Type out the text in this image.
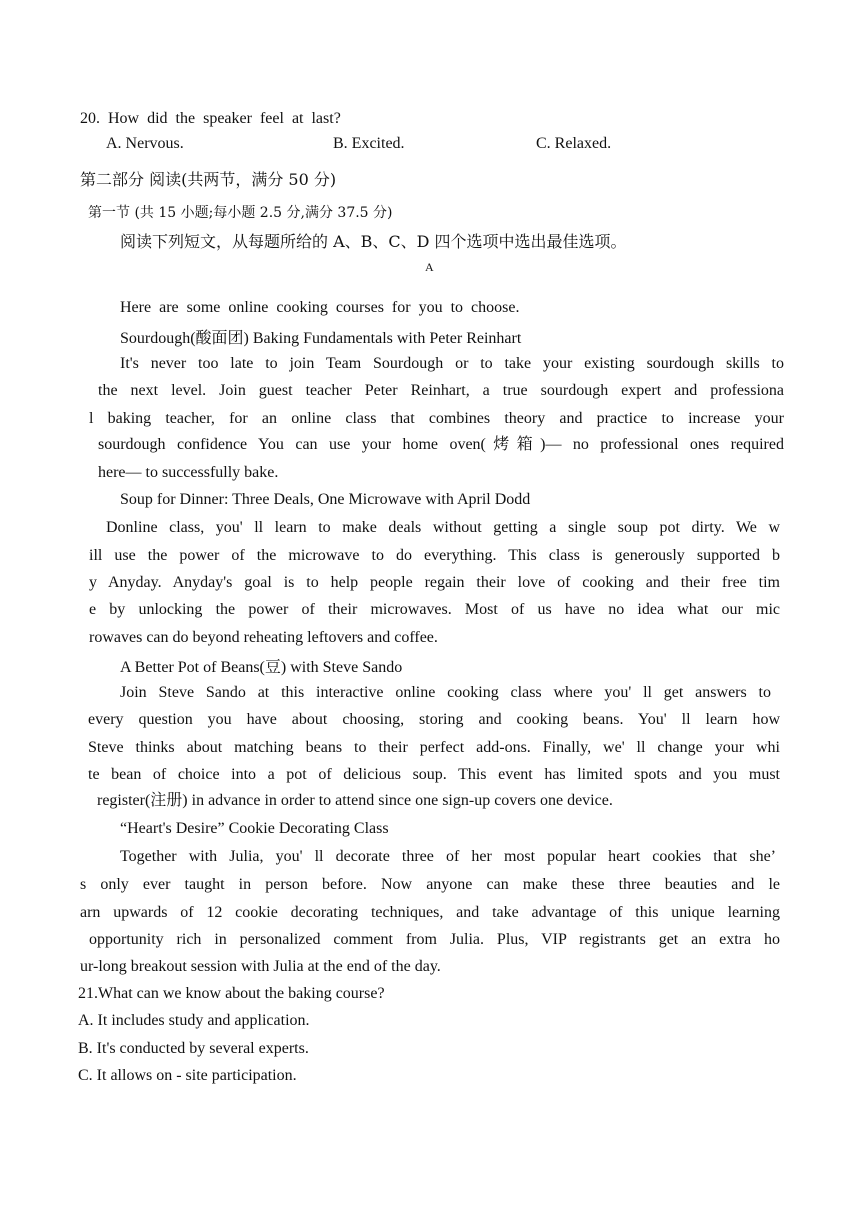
20. How did the speaker feel at last?
A. Nervous.	B. Excited.	C. Relaxed.
第二部分 阅读(共两节，满分 50 分)
第一节 (共 15 小题;每小题 2.5 分,满分 37.5 分)
阅读下列短文，从每题所给的 A、B、C、D 四个选项中选出最佳选项。
A
Here are some online cooking courses for you to choose.
Sourdough(酸面团) Baking Fundamentals with Peter Reinhart
It's never too late to join Team Sourdough or to take your existing sourdough skills to
the next level. Join guest teacher Peter Reinhart, a true sourdough expert and professiona
l baking teacher, for an online class that combines theory and practice to increase your
sourdough confidence You can use your home oven(烤箱)— no professional ones required
here— to successfully bake.
Soup for Dinner: Three Deals, One Microwave with April Dodd
Donline class, you' ll learn to make deals without getting a single soup pot dirty. We w
ill use the power of the microwave to do everything. This class is generously supported b
y Anyday. Anyday's goal is to help people regain their love of cooking and their free tim
e by unlocking the power of their microwaves. Most of us have no idea what our mic
rowaves can do beyond reheating leftovers and coffee.
A Better Pot of Beans(豆) with Steve Sando
Join Steve Sando at this interactive online cooking class where you' ll get answers to
every question you have about choosing, storing and cooking beans. You' ll learn how
Steve thinks about matching beans to their perfect add-ons. Finally, we' ll change your whi
te bean of choice into a pot of delicious soup. This event has limited spots and you must
register(注册) in advance in order to attend since one sign-up covers one device.
“Heart's Desire” Cookie Decorating Class
Together with Julia, you' ll decorate three of her most popular heart cookies that she’
s only ever taught in person before. Now anyone can make these three beauties and le
arn upwards of 12 cookie decorating techniques, and take advantage of this unique learning
opportunity rich in personalized comment from Julia. Plus, VIP registrants get an extra ho
ur-long breakout session with Julia at the end of the day.
21.What can we know about the baking course?
A. It includes study and application.
B. It's conducted by several experts.
C. It allows on - site participation.
